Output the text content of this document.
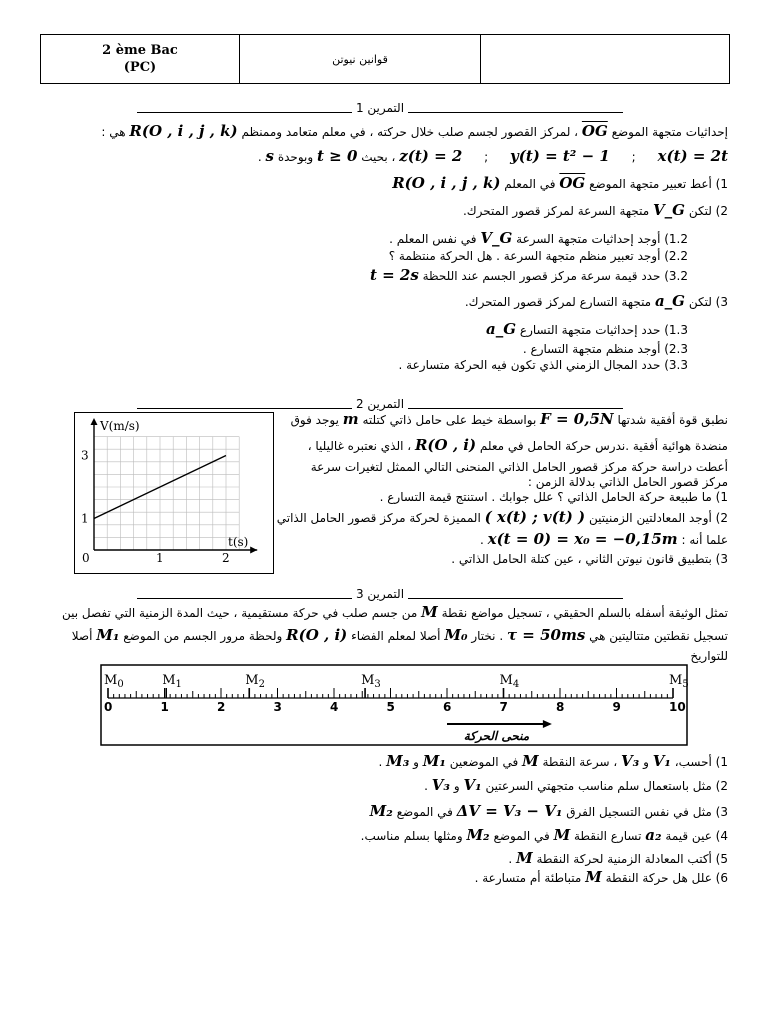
2 ème Bac
(PC)
	قوانين نيوتن	
التمرين 1
إحداثيات متجهة الموضع $\overline{OG}$ ، لمركز القصور لجسم صلب خلال حركته ، في معلم متعامد وممنظم R(O , i , j , k) هي :
x(t) = 2t ; y(t) = t² − 1 ; z(t) = 2 ، بحيث t ≥ 0 وبوحدة s .
1) أعط تعبير متجهة الموضع $\overline{OG}$ في المعلم R(O , i , j , k)
2) لتكن V_G متجهة السرعة لمركز قصور المتحرك.
1.2) أوجد إحداثيات متجهة السرعة V_G في نفس المعلم .
2.2) أوجد تعبير منظم متجهة السرعة . هل الحركة منتظمة ؟
3.2) حدد قيمة سرعة مركز قصور الجسم عند اللحظة t = 2s
3) لتكن a_G متجهة التسارع لمركز قصور المتحرك.
1.3) حدد إحداثيات متجهة التسارع a_G
2.3) أوجد منظم متجهة التسارع .
3.3) حدد المجال الزمني الذي تكون فيه الحركة متسارعة .
التمرين 2
نطبق قوة أفقية شدتها F = 0,5N بواسطة خيط على حامل ذاتي كتلته m يوجد فوق
منضدة هوائية أفقية .ندرس حركة الحامل في معلم R(O , i) ، الذي نعتبره غاليليا ،
أعطت دراسة حركة مركز قصور الحامل الذاتي المنحنى التالي الممثل لتغيرات سرعة
مركز قصور الحامل الذاتي بدلالة الزمن :
1) ما طبيعة حركة الحامل الذاتي ؟ علل جوابك . استنتج قيمة التسارع .
2) أوجد المعادلتين الزمنيتين ( x(t) ; v(t) ) المميزة لحركة مركز قصور الحامل الذاتي
علما أنه : x(t = 0) = x₀ = −0,15m .
3) بتطبيق قانون نيوتن الثاني ، عين كتلة الحامل الذاتي .
V(m/s)
t(s)
0	1	2
1
3
التمرين 3
تمثل الوثيقة أسفله بالسلم الحقيقي ، تسجيل مواضع نقطة M من جسم صلب في حركة مستقيمية ، حيث المدة الزمنية التي تفصل بين
تسجيل نقطتين متتاليتين هي τ = 50ms . نختار M₀ أصلا لمعلم الفضاء R(O , i) ولحظة مرور الجسم من الموضع M₁ أصلا
للتواريخ
0	1	2	3	4	5	6	7	8	9	10
$M_0$	$M_1$	$M_2$	$M_3$	$M_4$	$M_5$
منحى الحركة
1) أحسب، V₁ و V₃ ، سرعة النقطة M في الموضعين M₁ و M₃ .
2) مثل باستعمال سلم مناسب متجهتي السرعتين V₁ و V₃ .
3) مثل في نفس التسجيل الفرق ΔV = V₃ − V₁ في الموضع M₂
4) عين قيمة a₂ تسارع النقطة M في الموضع M₂ ومثلها بسلم مناسب.
5) أكتب المعادلة الزمنية لحركة النقطة M .
6) علل هل حركة النقطة M متباطئة أم متسارعة .
